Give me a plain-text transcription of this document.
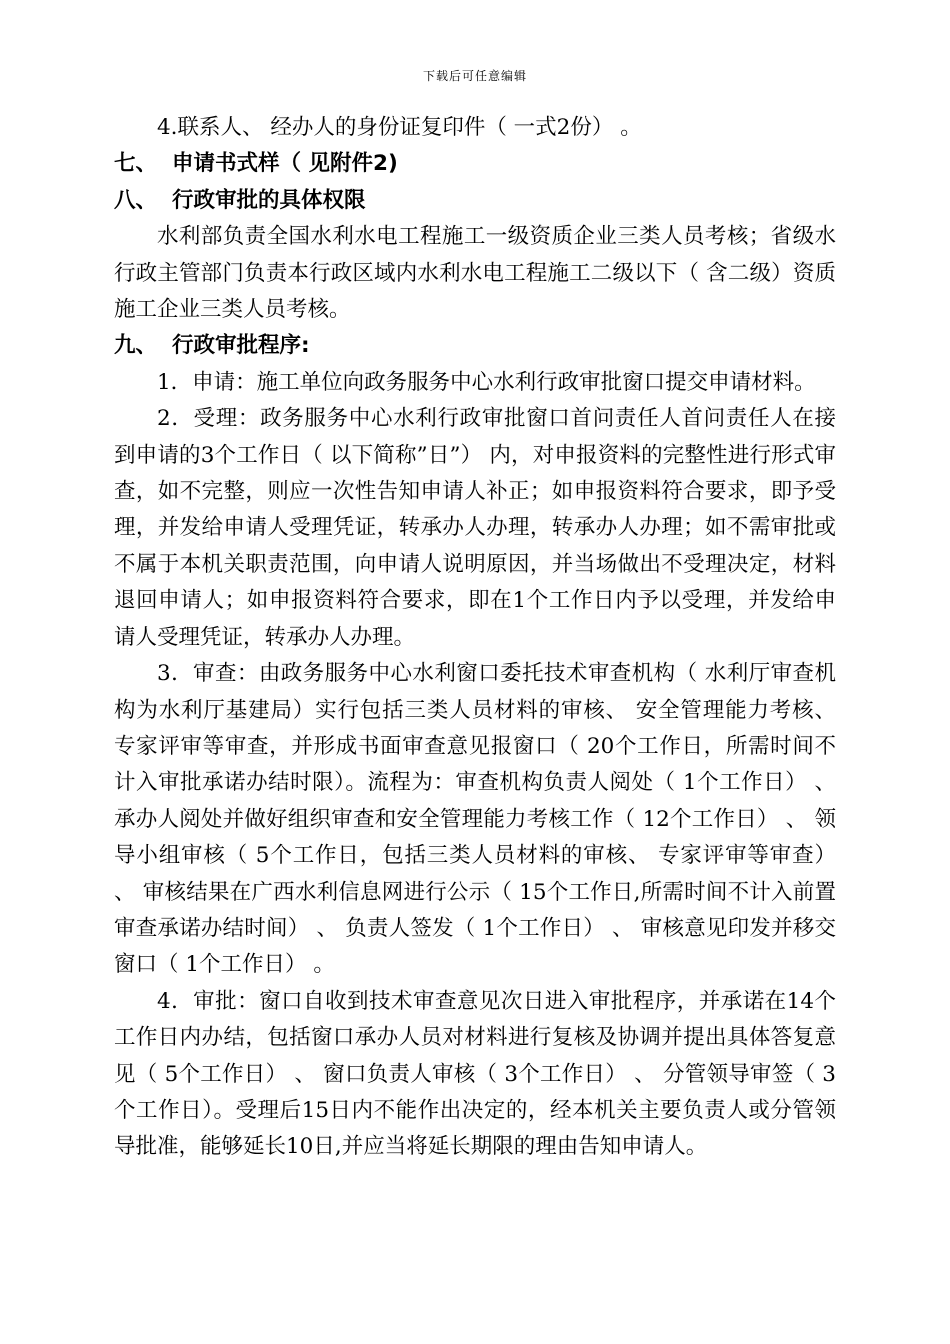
下载后可任意编辑

4.联系人、 经办人的身份证复印件（ 一式2份） 。

七、 申请书式样（ 见附件2)
八、 行政审批的具体权限

水利部负责全国水利水电工程施工一级资质企业三类人员考核；省级水行政主管部门负责本行政区域内水利水电工程施工二级以下（ 含二级）资质施工企业三类人员考核。

九、 行政审批程序:

1．申请：施工单位向政务服务中心水利行政审批窗口提交申请材料。

2．受理：政务服务中心水利行政审批窗口首问责任人首问责任人在接到申请的3个工作日（ 以下简称”日”） 内，对申报资料的完整性进行形式审查，如不完整，则应一次性告知申请人补正；如申报资料符合要求，即予受理，并发给申请人受理凭证，转承办人办理，转承办人办理；如不需审批或不属于本机关职责范围，向申请人说明原因，并当场做出不受理决定，材料退回申请人；如申报资料符合要求，即在1个工作日内予以受理，并发给申请人受理凭证，转承办人办理。

3．审查：由政务服务中心水利窗口委托技术审查机构（ 水利厅审查机构为水利厅基建局）实行包括三类人员材料的审核、 安全管理能力考核、 专家评审等审查，并形成书面审查意见报窗口（ 20个工作日，所需时间不计入审批承诺办结时限）。流程为：审查机构负责人阅处（ 1个工作日） 、 承办人阅处并做好组织审查和安全管理能力考核工作（ 12个工作日） 、 领导小组审核（ 5个工作日，包括三类人员材料的审核、 专家评审等审查） 、 审核结果在广西水利信息网进行公示（ 15个工作日,所需时间不计入前置审查承诺办结时间） 、 负责人签发（ 1个工作日） 、 审核意见印发并移交窗口（ 1个工作日） 。

4．审批：窗口自收到技术审查意见次日进入审批程序，并承诺在14个工作日内办结，包括窗口承办人员对材料进行复核及协调并提出具体答复意见（ 5个工作日） 、 窗口负责人审核（ 3个工作日） 、 分管领导审签（ 3个工作日）。受理后15日内不能作出决定的，经本机关主要负责人或分管领导批准，能够延长10日,并应当将延长期限的理由告知申请人。
